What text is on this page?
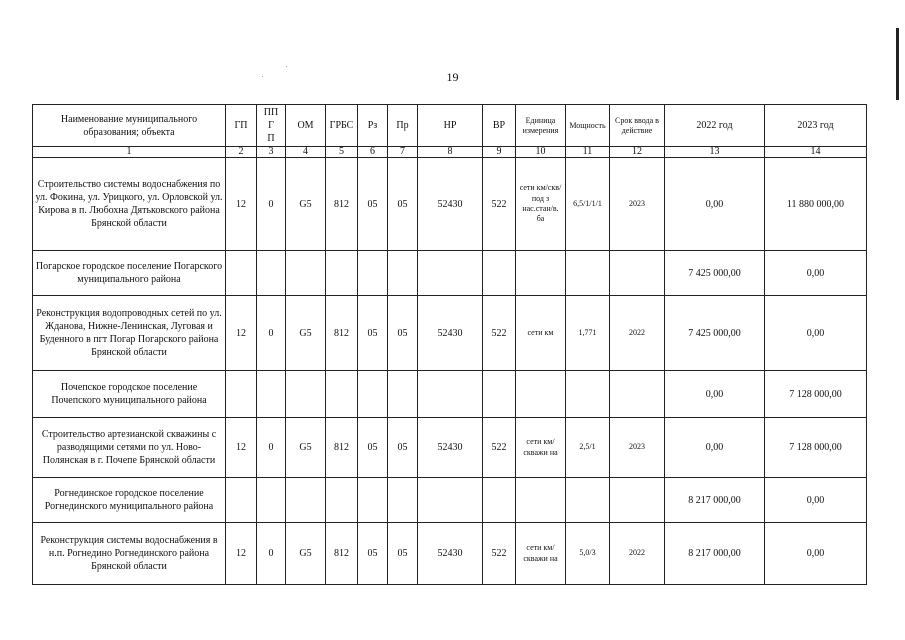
19
Наименование муниципального образования; объекта	ГП	ПП Г П	ОМ	ГРБС	Рз	Пр	НР	ВР	Единица измерения	Мощность	Срок ввода в действие	2022 год	2023 год
1	2	3	4	5	6	7	8	9	10	11	12	13	14
Строительство системы водоснабжения по ул. Фокина, ул. Урицкого, ул. Орловской ул. Кирова в п. Любохна Дятьковского района Брянской области	12	0	G5	812	05	05	52430	522	сети км/скв/под з нас.стан/в. ба	6,5/1/1/1	2023	0,00	11 880 000,00
Погарское городское поселение Погарского муниципального района												7 425 000,00	0,00
Реконструкция водопроводных сетей по ул. Жданова, Нижне-Ленинская, Луговая и Буденного в пгт Погар Погарского района Брянской области	12	0	G5	812	05	05	52430	522	сети км	1,771	2022	7 425 000,00	0,00
Почепское городское поселение Почепского муниципального района												0,00	7 128 000,00
Строительство артезианской скважины с разводящими сетями по ул. Ново-Полянская в г. Почепе Брянской области	12	0	G5	812	05	05	52430	522	сети км/скважи на	2,5/1	2023	0,00	7 128 000,00
Рогнединское городское поселение Рогнединского муниципального района												8 217 000,00	0,00
Реконструкция системы водоснабжения в н.п. Рогнедино Рогнединского района Брянской области	12	0	G5	812	05	05	52430	522	сети км/скважи на	5,0/3	2022	8 217 000,00	0,00
